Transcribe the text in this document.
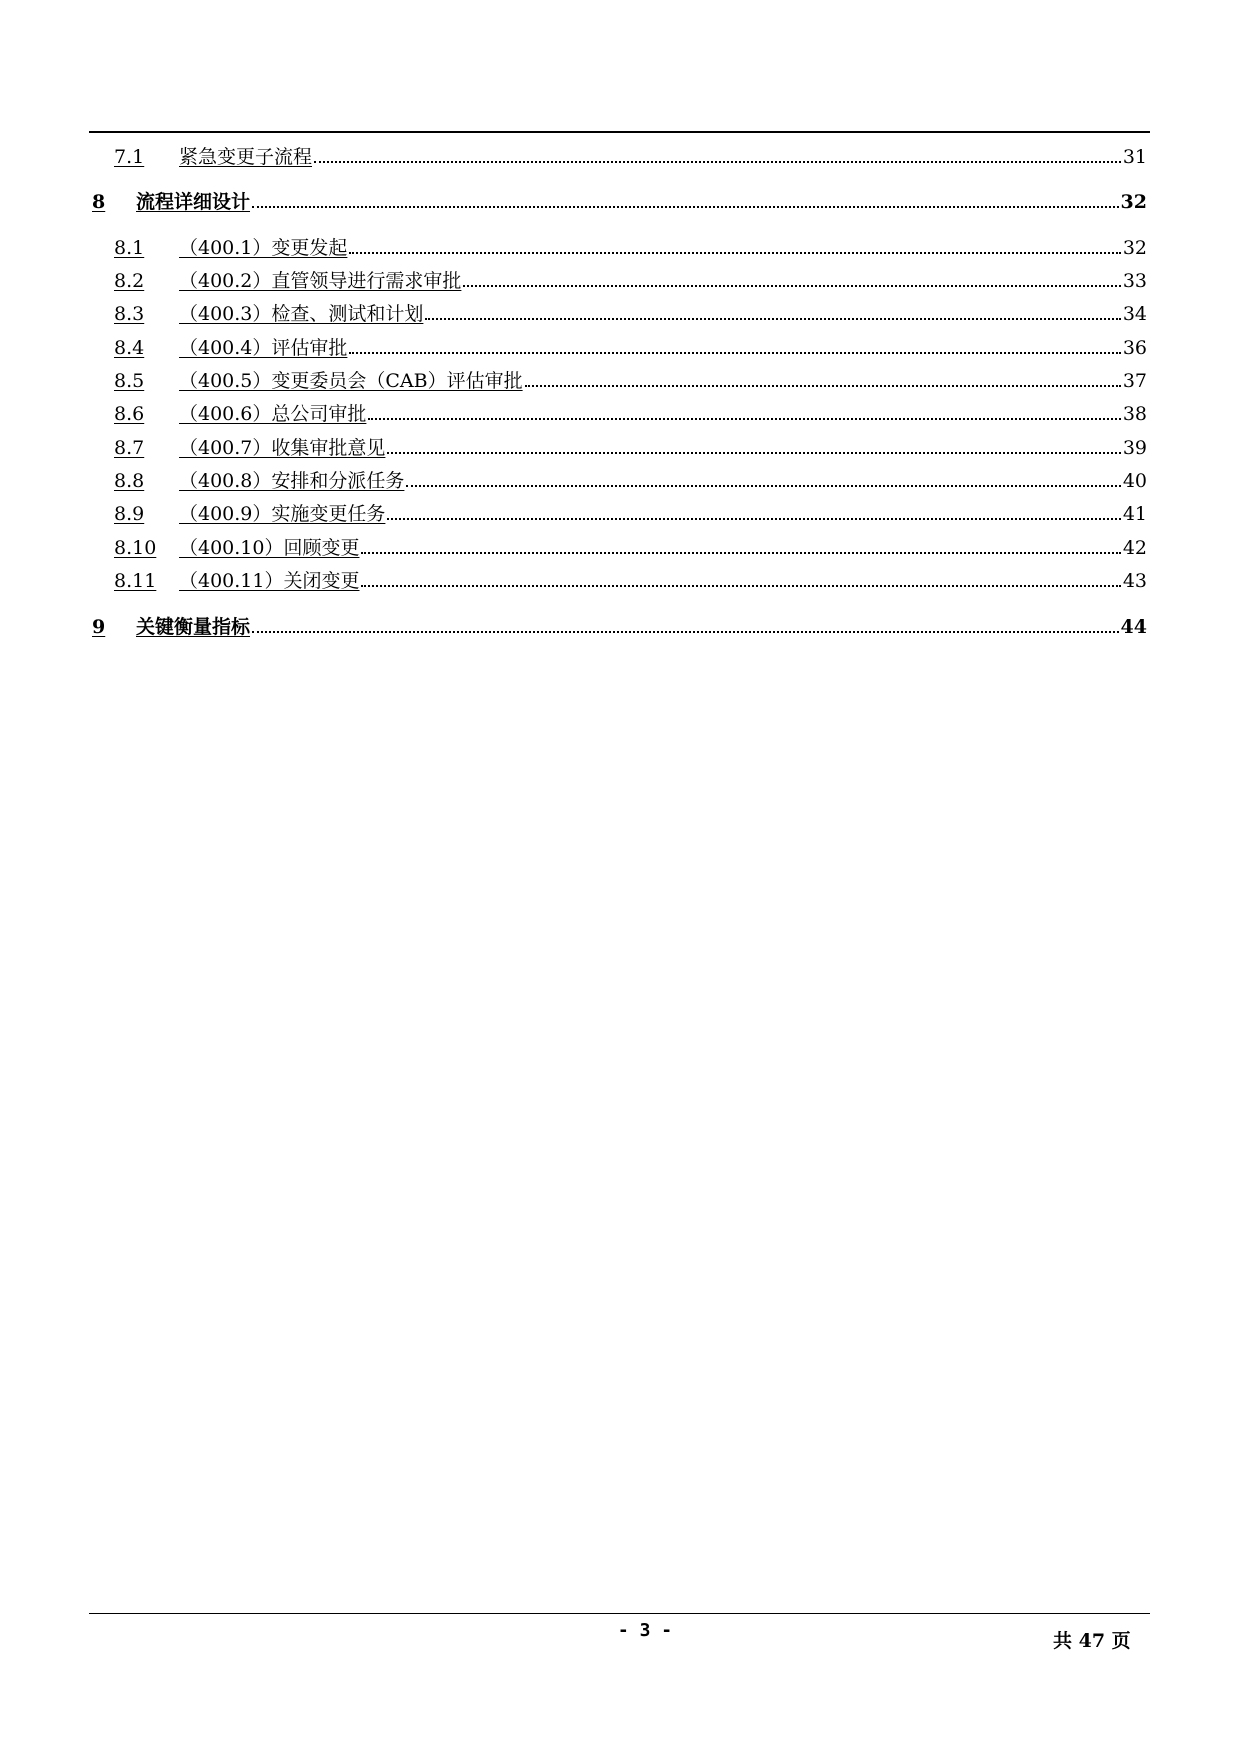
7.1 紧急变更子流程	31
8 流程详细设计	32
8.1 （400.1）变更发起	32
8.2 （400.2）直管领导进行需求审批	33
8.3 （400.3）检查、测试和计划	34
8.4 （400.4）评估审批	36
8.5 （400.5）变更委员会（CAB）评估审批	37
8.6 （400.6）总公司审批	38
8.7 （400.7）收集审批意见	39
8.8 （400.8）安排和分派任务	40
8.9 （400.9）实施变更任务	41
8.10 （400.10）回顾变更	42
8.11 （400.11）关闭变更	43
9 关键衡量指标	44
- 3 -	共 47 页
